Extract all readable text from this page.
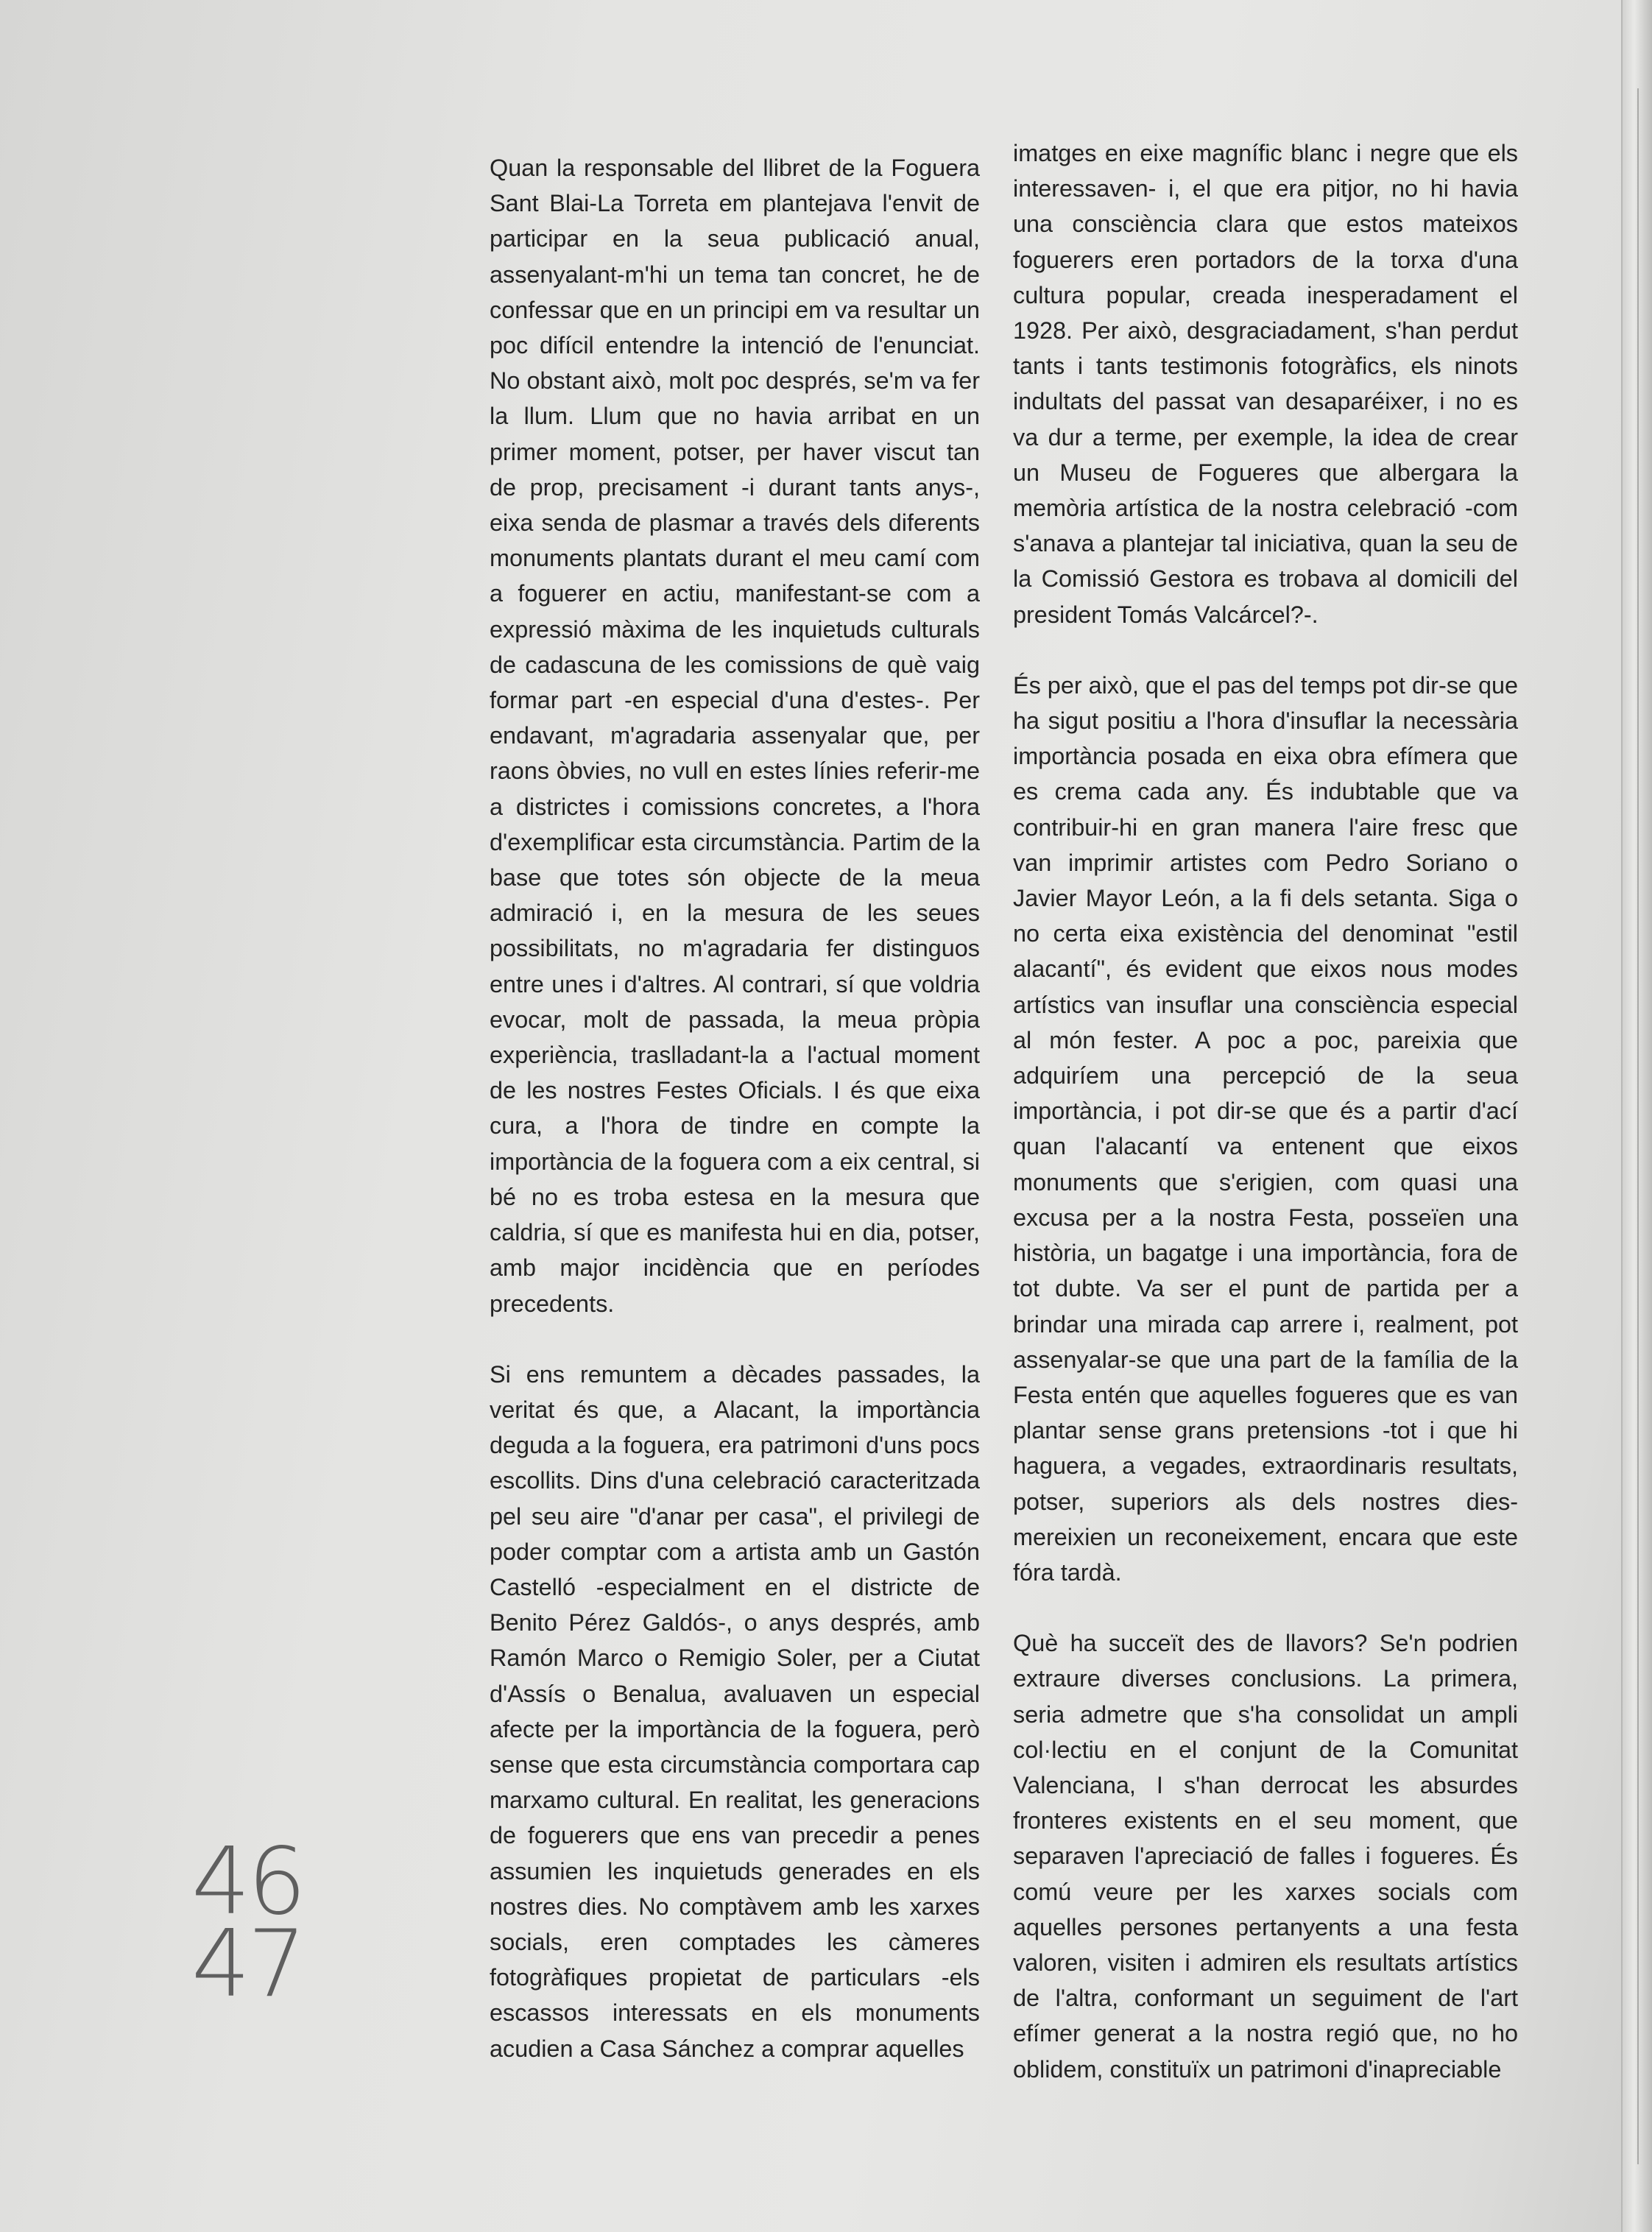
Quan la responsable del llibret de la Foguera Sant Blai-La Torreta em plantejava l'envit de participar en la seua publicació anual, assenyalant-m'hi un tema tan concret, he de confessar que en un principi em va resultar un poc difícil entendre la intenció de l'enunciat. No obstant això, molt poc després, se'm va fer la llum. Llum que no havia arribat en un primer moment, potser, per haver viscut tan de prop, precisament -i durant tants anys-, eixa senda de plasmar a través dels diferents monuments plantats durant el meu camí com a foguerer en actiu, manifestant-se com a expressió màxima de les inquietuds culturals de cadascuna de les comissions de què vaig formar part -en especial d'una d'estes-. Per endavant, m'agradaria assenyalar que, per raons òbvies, no vull en estes línies referir-me a districtes i comissions concretes, a l'hora d'exemplificar esta circumstància. Partim de la base que totes són objecte de la meua admiració i, en la mesura de les seues possibilitats, no m'agradaria fer distinguos entre unes i d'altres. Al contrari, sí que voldria evocar, molt de passada, la meua pròpia experiència, traslladant-la a l'actual moment de les nostres Festes Oficials. I és que eixa cura, a l'hora de tindre en compte la importància de la foguera com a eix central, si bé no es troba estesa en la mesura que caldria, sí que es manifesta hui en dia, potser, amb major incidència que en períodes precedents.

Si ens remuntem a dècades passades, la veritat és que, a Alacant, la importància deguda a la foguera, era patrimoni d'uns pocs escollits. Dins d'una celebració caracteritzada pel seu aire "d'anar per casa", el privilegi de poder comptar com a artista amb un Gastón Castelló -especialment en el districte de Benito Pérez Galdós-, o anys després, amb Ramón Marco o Remigio Soler, per a Ciutat d'Assís o Benalua, avaluaven un especial afecte per la importància de la foguera, però sense que esta circumstància comportara cap marxamo cultural. En realitat, les generacions de foguerers que ens van precedir a penes assumien les inquietuds generades en els nostres dies. No comptàvem amb les xarxes socials, eren comptades les càmeres fotogràfiques propietat de particulars -els escassos interessats en els monuments acudien a Casa Sánchez a comprar aquelles

imatges en eixe magnífic blanc i negre que els interessaven- i, el que era pitjor, no hi havia una consciència clara que estos mateixos foguerers eren portadors de la torxa d'una cultura popular, creada inesperadament el 1928. Per això, desgraciadament, s'han perdut tants i tants testimonis fotogràfics, els ninots indultats del passat van desaparéixer, i no es va dur a terme, per exemple, la idea de crear un Museu de Fogueres que albergara la memòria artística de la nostra celebració -com s'anava a plantejar tal iniciativa, quan la seu de la Comissió Gestora es trobava al domicili del president Tomás Valcárcel?-.

És per això, que el pas del temps pot dir-se que ha sigut positiu a l'hora d'insuflar la necessària importància posada en eixa obra efímera que es crema cada any. És indubtable que va contribuir-hi en gran manera l'aire fresc que van imprimir artistes com Pedro Soriano o Javier Mayor León, a la fi dels setanta. Siga o no certa eixa existència del denominat "estil alacantí", és evident que eixos nous modes artístics van insuflar una consciència especial al món fester. A poc a poc, pareixia que adquiríem una percepció de la seua importància, i pot dir-se que és a partir d'ací quan l'alacantí va entenent que eixos monuments que s'erigien, com quasi una excusa per a la nostra Festa, posseïen una història, un bagatge i una importància, fora de tot dubte. Va ser el punt de partida per a brindar una mirada cap arrere i, realment, pot assenyalar-se que una part de la família de la Festa entén que aquelles fogueres que es van plantar sense grans pretensions -tot i que hi haguera, a vegades, extraordinaris resultats, potser, superiors als dels nostres dies- mereixien un reconeixement, encara que este fóra tardà.

Què ha succeït des de llavors? Se'n podrien extraure diverses conclusions. La primera, seria admetre que s'ha consolidat un ampli col·lectiu en el conjunt de la Comunitat Valenciana, I s'han derrocat les absurdes fronteres existents en el seu moment, que separaven l'apreciació de falles i fogueres. És comú veure per les xarxes socials com aquelles persones pertanyents a una festa valoren, visiten i admiren els resultats artístics de l'altra, conformant un seguiment de l'art efímer generat a la nostra regió que, no ho oblidem, constituïx un patrimoni d'inapreciable

46
47
